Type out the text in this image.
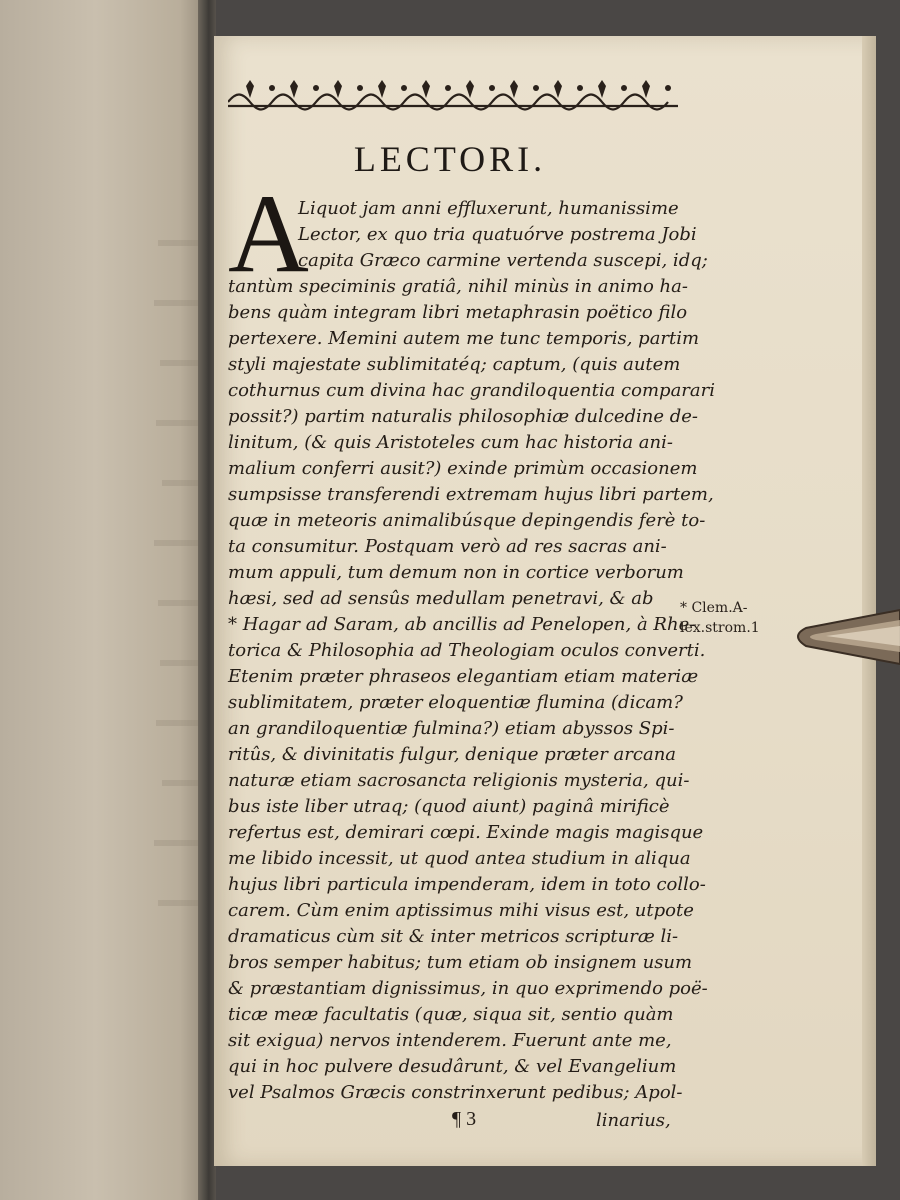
LECTORI.
A
Liquot jam anni effluxerunt, humanissime
Lector, ex quo tria quatuórve postrema Jobi
capita Græco carmine vertenda suscepi, idq;
tantùm speciminis gratiâ, nihil minùs in animo ha-
bens quàm integram libri metaphrasin poëtico filo
pertexere. Memini autem me tunc temporis, partim
styli majestate sublimitatéq; captum, (quis autem
cothurnus cum divina hac grandiloquentia comparari
possit?) partim naturalis philosophiæ dulcedine de-
linitum, (& quis Aristoteles cum hac historia ani-
malium conferri ausit?) exinde primùm occasionem
sumpsisse transferendi extremam hujus libri partem,
quæ in meteoris animalibúsque depingendis ferè to-
ta consumitur. Postquam verò ad res sacras ani-
mum appuli, tum demum non in cortice verborum
hæsi, sed ad sensûs medullam penetravi, & ab
* Hagar ad Saram, ab ancillis ad Penelopen, à Rhe-
torica & Philosophia ad Theologiam oculos converti.
Etenim præter phraseos elegantiam etiam materiæ
sublimitatem, præter eloquentiæ flumina (dicam?
an grandiloquentiæ fulmina?) etiam abyssos Spi-
ritûs, & divinitatis fulgur, denique præter arcana
naturæ etiam sacrosancta religionis mysteria, qui-
bus iste liber utraq; (quod aiunt) paginâ mirificè
refertus est, demirari cœpi. Exinde magis magisque
me libido incessit, ut quod antea studium in aliqua
hujus libri particula impenderam, idem in toto collo-
carem. Cùm enim aptissimus mihi visus est, utpote
dramaticus cùm sit & inter metricos scripturæ li-
bros semper habitus; tum etiam ob insignem usum
& præstantiam dignissimus, in quo exprimendo poë-
ticæ meæ facultatis (quæ, siqua sit, sentio quàm
sit exigua) nervos intenderem. Fuerunt ante me,
qui in hoc pulvere desudârunt, & vel Evangelium
vel Psalmos Græcis constrinxerunt pedibus; Apol-
* Clem.A-
lex.strom.1
¶ 3	linarius,
